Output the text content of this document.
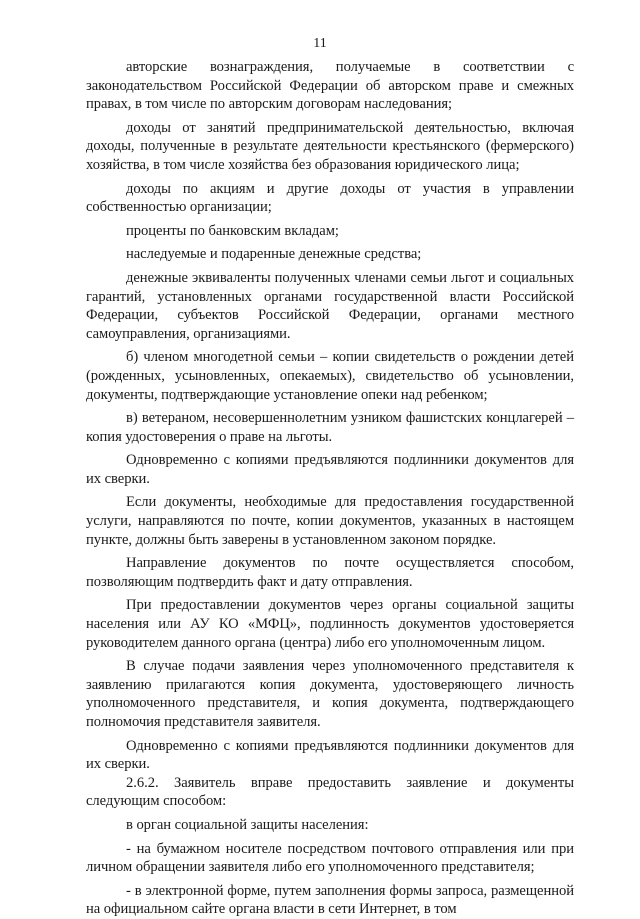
11

авторские вознаграждения, получаемые в соответствии с законодательством Российской Федерации об авторском праве и смежных правах, в том числе по авторским договорам наследования;

доходы от занятий предпринимательской деятельностью, включая доходы, полученные в результате деятельности крестьянского (фермерского) хозяйства, в том числе хозяйства без образования юридического лица;

доходы по акциям и другие доходы от участия в управлении собственностью организации;

проценты по банковским вкладам;

наследуемые и подаренные денежные средства;

денежные эквиваленты полученных членами семьи льгот и социальных гарантий, установленных органами государственной власти Российской Федерации, субъектов Российской Федерации, органами местного самоуправления, организациями.

б) членом многодетной семьи – копии свидетельств о рождении детей (рожденных, усыновленных, опекаемых), свидетельство об усыновлении, документы, подтверждающие установление опеки над ребенком;

в) ветераном, несовершеннолетним узником фашистских концлагерей – копия удостоверения о праве на льготы.

Одновременно с копиями предъявляются подлинники документов для их сверки.

Если документы, необходимые для предоставления государственной услуги, направляются по почте, копии документов, указанных в настоящем пункте, должны быть заверены в установленном законом порядке.

Направление документов по почте осуществляется способом, позволяющим подтвердить факт и дату отправления.

При предоставлении документов через органы социальной защиты населения или АУ КО «МФЦ», подлинность документов удостоверяется руководителем данного органа (центра) либо его уполномоченным лицом.

В случае подачи заявления через уполномоченного представителя к заявлению прилагаются копия документа, удостоверяющего личность уполномоченного представителя, и копия документа, подтверждающего полномочия представителя заявителя.

Одновременно с копиями предъявляются подлинники документов для их сверки.

2.6.2. Заявитель вправе предоставить заявление и документы следующим способом:

в орган социальной защиты населения:

- на бумажном носителе посредством почтового отправления или при личном обращении заявителя либо его уполномоченного представителя;

- в электронной форме, путем заполнения формы запроса, размещенной на официальном сайте органа власти в сети Интернет, в том
